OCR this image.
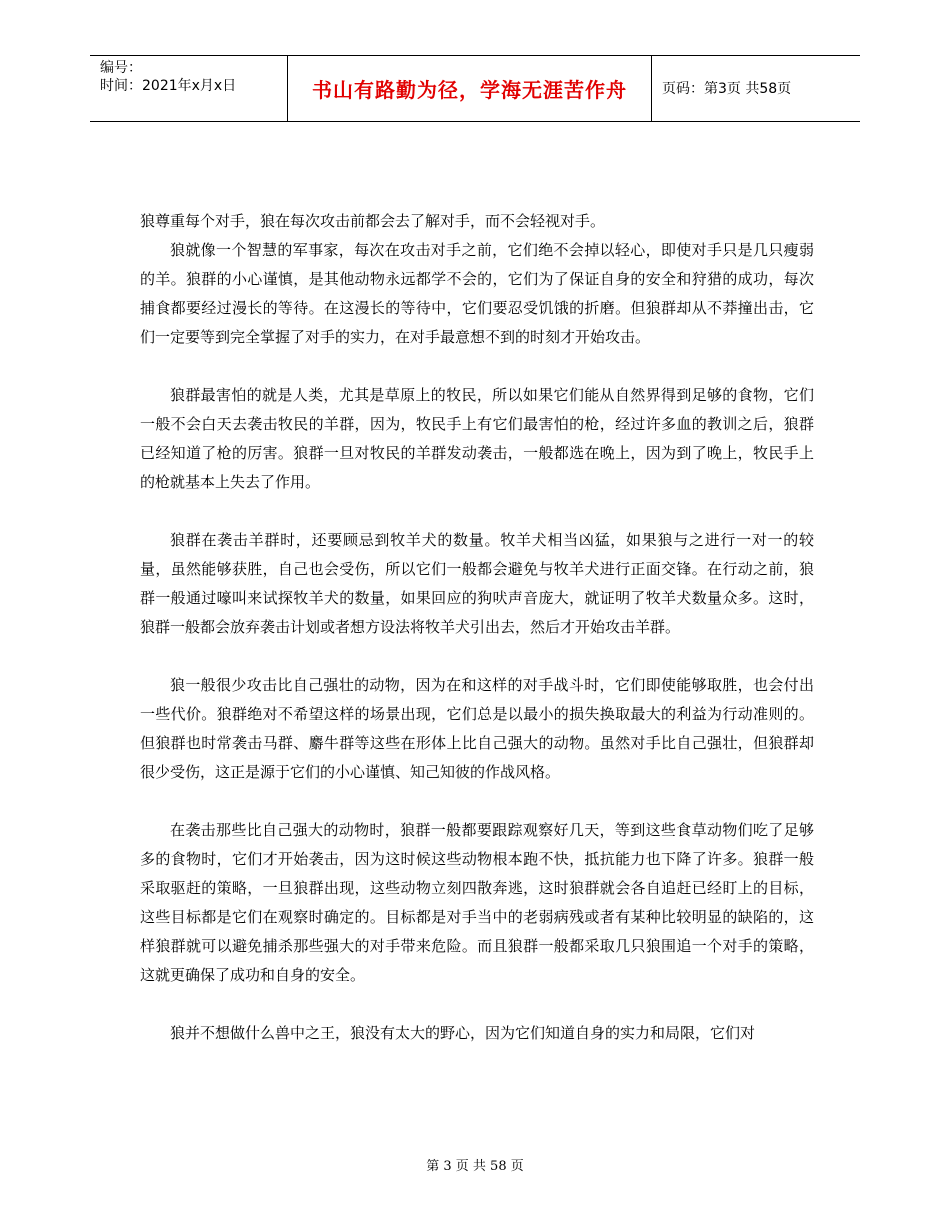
编号：
时间：2021年x月x日	书山有路勤为径，学海无涯苦作舟	页码：第3页 共58页

狼尊重每个对手，狼在每次攻击前都会去了解对手，而不会轻视对手。

狼就像一个智慧的军事家，每次在攻击对手之前，它们绝不会掉以轻心，即使对手只是几只瘦弱的羊。狼群的小心谨慎，是其他动物永远都学不会的，它们为了保证自身的安全和狩猎的成功，每次捕食都要经过漫长的等待。在这漫长的等待中，它们要忍受饥饿的折磨。但狼群却从不莽撞出击，它们一定要等到完全掌握了对手的实力，在对手最意想不到的时刻才开始攻击。

狼群最害怕的就是人类，尤其是草原上的牧民，所以如果它们能从自然界得到足够的食物，它们一般不会白天去袭击牧民的羊群，因为，牧民手上有它们最害怕的枪，经过许多血的教训之后，狼群已经知道了枪的厉害。狼群一旦对牧民的羊群发动袭击，一般都选在晚上，因为到了晚上，牧民手上的枪就基本上失去了作用。

狼群在袭击羊群时，还要顾忌到牧羊犬的数量。牧羊犬相当凶猛，如果狼与之进行一对一的较量，虽然能够获胜，自己也会受伤，所以它们一般都会避免与牧羊犬进行正面交锋。在行动之前，狼群一般通过嚎叫来试探牧羊犬的数量，如果回应的狗吠声音庞大，就证明了牧羊犬数量众多。这时，狼群一般都会放弃袭击计划或者想方设法将牧羊犬引出去，然后才开始攻击羊群。

狼一般很少攻击比自己强壮的动物，因为在和这样的对手战斗时，它们即使能够取胜，也会付出一些代价。狼群绝对不希望这样的场景出现，它们总是以最小的损失换取最大的利益为行动准则的。但狼群也时常袭击马群、麝牛群等这些在形体上比自己强大的动物。虽然对手比自己强壮，但狼群却很少受伤，这正是源于它们的小心谨慎、知己知彼的作战风格。

在袭击那些比自己强大的动物时，狼群一般都要跟踪观察好几天，等到这些食草动物们吃了足够多的食物时，它们才开始袭击，因为这时候这些动物根本跑不快，抵抗能力也下降了许多。狼群一般采取驱赶的策略，一旦狼群出现，这些动物立刻四散奔逃，这时狼群就会各自追赶已经盯上的目标，这些目标都是它们在观察时确定的。目标都是对手当中的老弱病残或者有某种比较明显的缺陷的，这样狼群就可以避免捕杀那些强大的对手带来危险。而且狼群一般都采取几只狼围追一个对手的策略，这就更确保了成功和自身的安全。

狼并不想做什么兽中之王，狼没有太大的野心，因为它们知道自身的实力和局限，它们对

第 3 页 共 58 页
